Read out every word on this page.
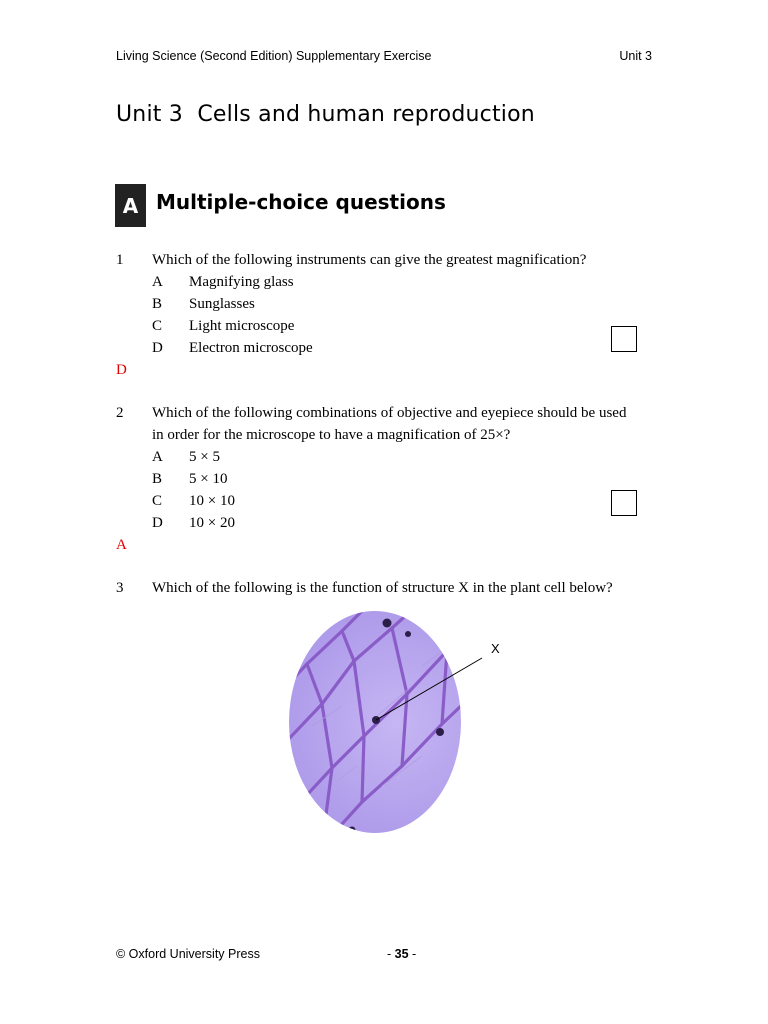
Living Science (Second Edition) Supplementary Exercise	Unit 3
Unit 3  Cells and human reproduction
A Multiple-choice questions
1 Which of the following instruments can give the greatest magnification?
A Magnifying glass
B Sunglasses
C Light microscope
D Electron microscope
D
2 Which of the following combinations of objective and eyepiece should be used
in order for the microscope to have a magnification of 25×?
A 5 × 5
B 5 × 10
C 10 × 10
D 10 × 20
A
3 Which of the following is the function of structure X in the plant cell below?
X
© Oxford University Press	- 35 -
